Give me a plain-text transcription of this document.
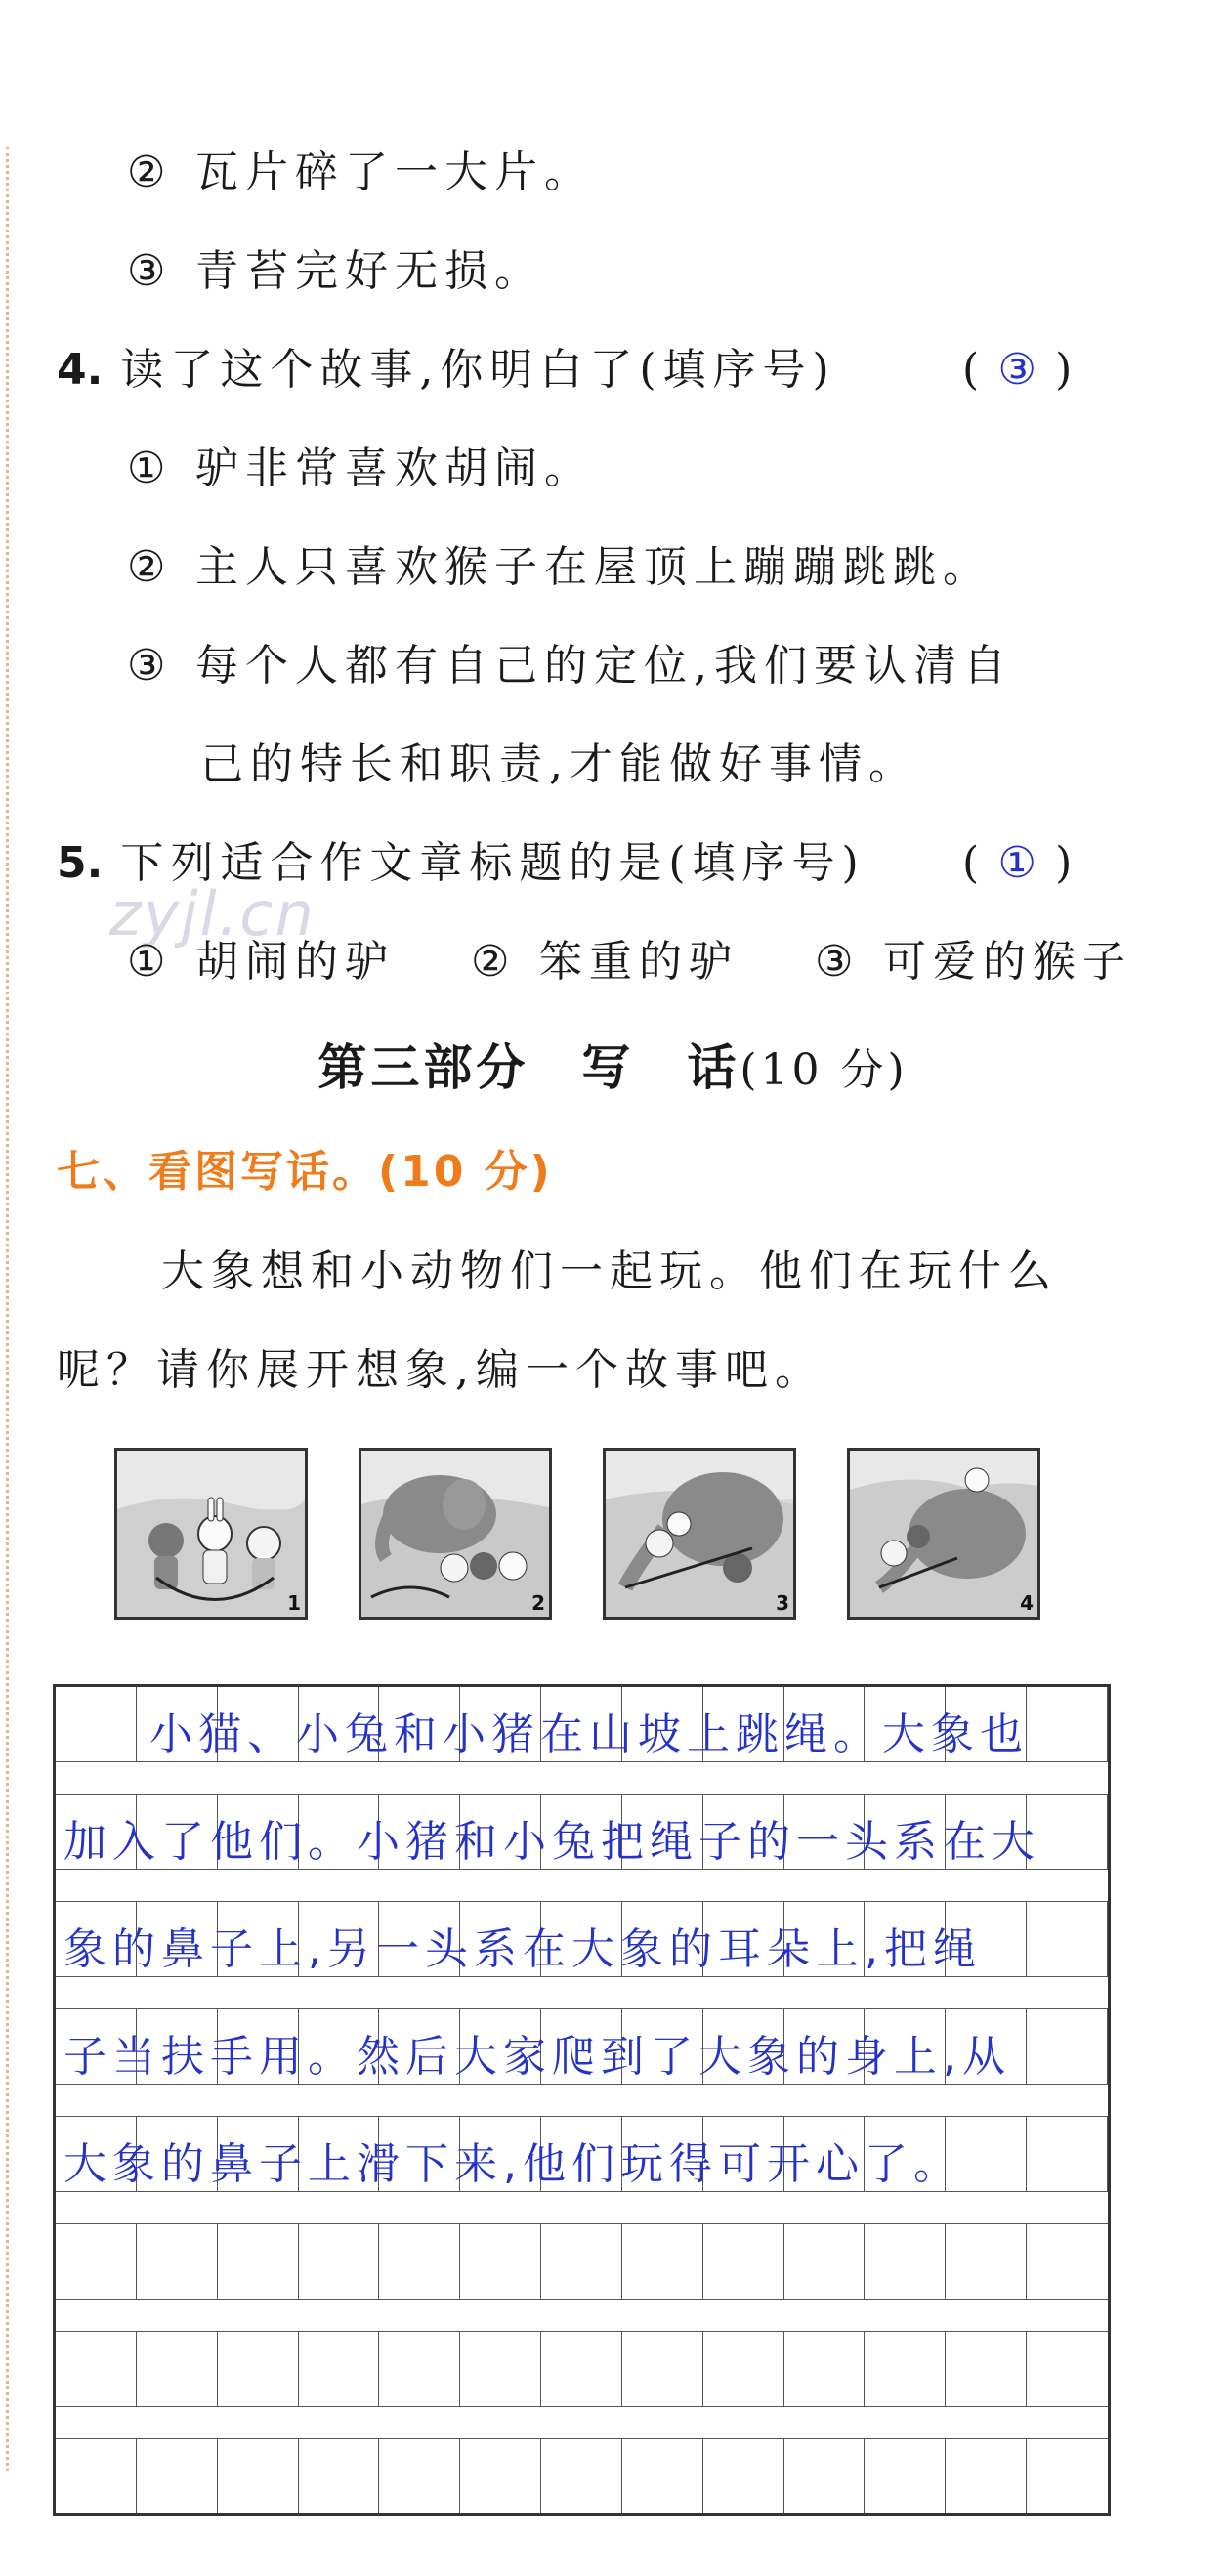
② 瓦片碎了一大片。
③ 青苔完好无损。
4. 读了这个故事,你明白了(填序号)	( ③ )
① 驴非常喜欢胡闹。
② 主人只喜欢猴子在屋顶上蹦蹦跳跳。
③ 每个人都有自己的定位,我们要认清自
己的特长和职责,才能做好事情。
5. 下列适合作文章标题的是(填序号) ( ① )
zyjl.cn
① 胡闹的驴 ② 笨重的驴 ③ 可爱的猴子
第三部分　写　话(10 分)
七、看图写话。(10 分)
大象想和小动物们一起玩。他们在玩什么
呢？请你展开想象,编一个故事吧。
1	2	3	4
小猫、小兔和小猪在山坡上跳绳。大象也
加入了他们。小猪和小兔把绳子的一头系在大
象的鼻子上,另一头系在大象的耳朵上,把绳
子当扶手用。然后大家爬到了大象的身上,从
大象的鼻子上滑下来,他们玩得可开心了。
